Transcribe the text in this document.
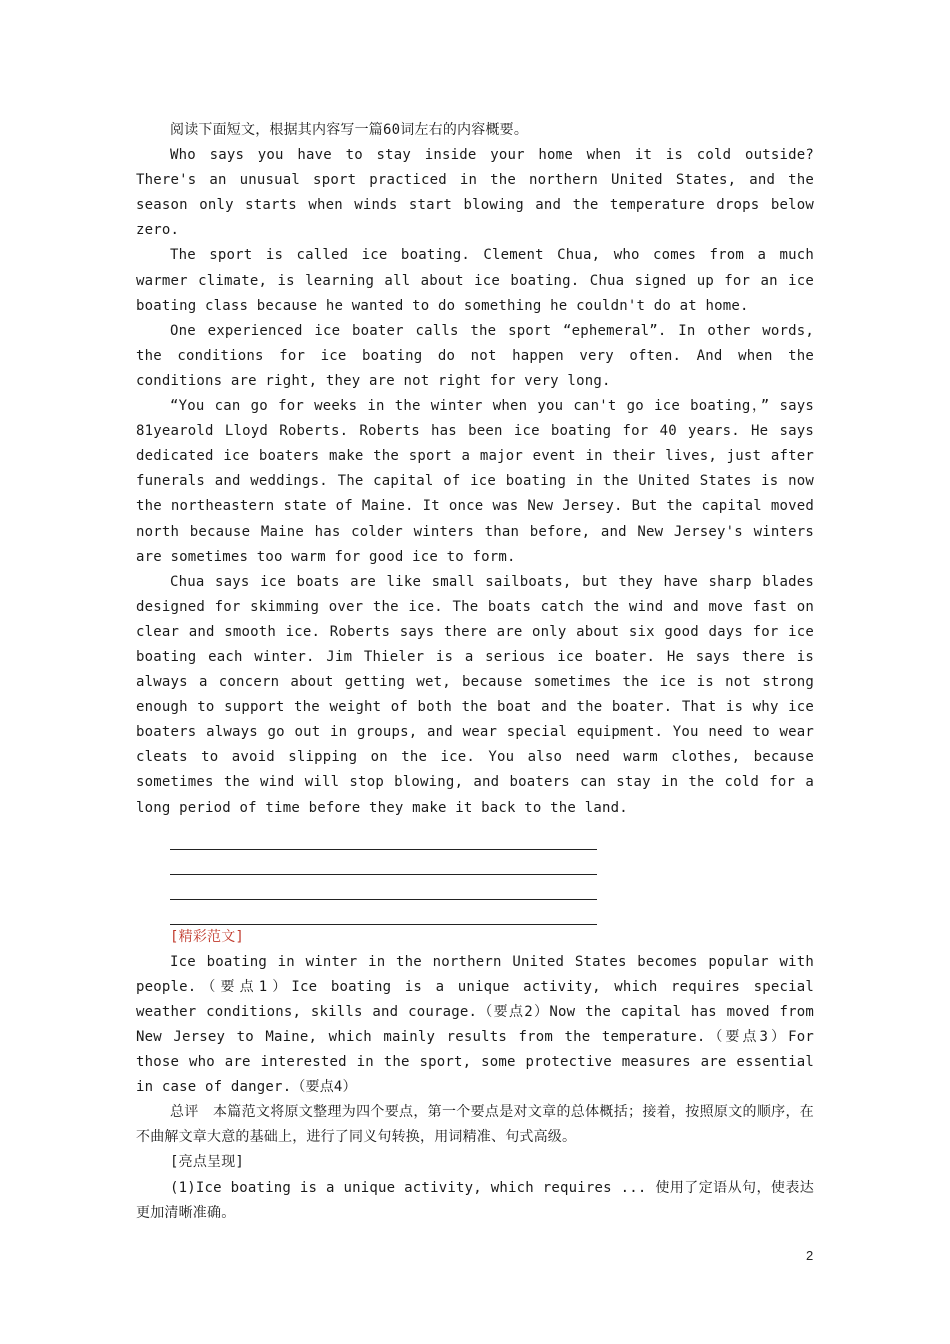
阅读下面短文，根据其内容写一篇60词左右的内容概要。

Who says you have to stay inside your home when it is cold outside? There's an unusual sport practiced in the northern United States, and the season only starts when winds start blowing and the temperature drops below zero.

The sport is called ice boating. Clement Chua, who comes from a much warmer climate, is learning all about ice boating. Chua signed up for an ice boating class because he wanted to do something he couldn't do at home.

One experienced ice boater calls the sport “ephemeral”. In other words, the conditions for ice boating do not happen very often. And when the conditions are right, they are not right for very long.

“You can go for weeks in the winter when you can't go ice boating，” says 81yearold Lloyd Roberts. Roberts has been ice boating for 40 years. He says dedicated ice boaters make the sport a major event in their lives, just after funerals and weddings. The capital of ice boating in the United States is now the northeastern state of Maine. It once was New Jersey. But the capital moved north because Maine has colder winters than before, and New Jersey's winters are sometimes too warm for good ice to form.

Chua says ice boats are like small sailboats, but they have sharp blades designed for skimming over the ice. The boats catch the wind and move fast on clear and smooth ice. Roberts says there are only about six good days for ice boating each winter. Jim Thieler is a serious ice boater. He says there is always a concern about getting wet, because sometimes the ice is not strong enough to support the weight of both the boat and the boater. That is why ice boaters always go out in groups, and wear special equipment. You need to wear cleats to avoid slipping on the ice. You also need warm clothes, because sometimes the wind will stop blowing, and boaters can stay in the cold for a long period of time before they make it back to the land.

[精彩范文]

Ice boating in winter in the northern United States becomes popular with people.（要点1）Ice boating is a unique activity, which requires special weather conditions, skills and courage.（要点2）Now the capital has moved from New Jersey to Maine, which mainly results from the temperature.（要点3）For those who are interested in the sport, some protective measures are essential in case of danger.（要点4）

总评　本篇范文将原文整理为四个要点，第一个要点是对文章的总体概括；接着，按照原文的顺序，在不曲解文章大意的基础上，进行了同义句转换，用词精准、句式高级。

[亮点呈现]

(1)Ice boating is a unique activity, which requires ... 使用了定语从句，使表达更加清晰准确。

2
